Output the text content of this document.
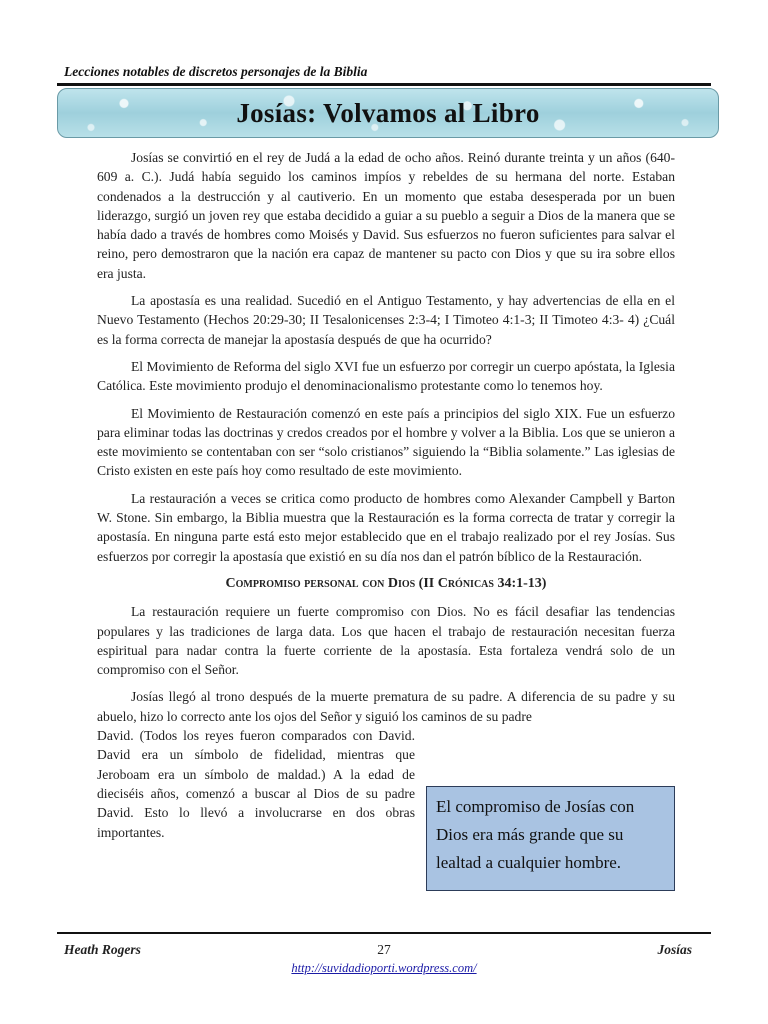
Lecciones notables de discretos personajes de la Biblia
Josías: Volvamos al Libro

Josías se convirtió en el rey de Judá a la edad de ocho años. Reinó durante treinta y un años (640-609 a. C.). Judá había seguido los caminos impíos y rebeldes de su hermana del norte. Estaban condenados a la destrucción y al cautiverio. En un momento que estaba desesperada por un buen liderazgo, surgió un joven rey que estaba decidido a guiar a su pueblo a seguir a Dios de la manera que se había dado a través de hombres como Moisés y David. Sus esfuerzos no fueron suficientes para salvar el reino, pero demostraron que la nación era capaz de mantener su pacto con Dios y que su ira sobre ellos era justa.

La apostasía es una realidad. Sucedió en el Antiguo Testamento, y hay advertencias de ella en el Nuevo Testamento (Hechos 20:29-30; II Tesalonicenses 2:3-4; I Timoteo 4:1-3; II Timoteo 4:3- 4) ¿Cuál es la forma correcta de manejar la apostasía después de que ha ocurrido?

El Movimiento de Reforma del siglo XVI fue un esfuerzo por corregir un cuerpo apóstata, la Iglesia Católica. Este movimiento produjo el denominacionalismo protestante como lo tenemos hoy.

El Movimiento de Restauración comenzó en este país a principios del siglo XIX. Fue un esfuerzo para eliminar todas las doctrinas y credos creados por el hombre y volver a la Biblia. Los que se unieron a este movimiento se contentaban con ser “solo cristianos” siguiendo la “Biblia solamente.” Las iglesias de Cristo existen en este país hoy como resultado de este movimiento.

La restauración a veces se critica como producto de hombres como Alexander Campbell y Barton W. Stone. Sin embargo, la Biblia muestra que la Restauración es la forma correcta de tratar y corregir la apostasía. En ninguna parte está esto mejor establecido que en el trabajo realizado por el rey Josías. Sus esfuerzos por corregir la apostasía que existió en su día nos dan el patrón bíblico de la Restauración.

Compromiso personal con Dios (II Crónicas 34:1-13)

La restauración requiere un fuerte compromiso con Dios. No es fácil desafiar las tendencias populares y las tradiciones de larga data. Los que hacen el trabajo de restauración necesitan fuerza espiritual para nadar contra la fuerte corriente de la apostasía. Esta fortaleza vendrá solo de un compromiso con el Señor.

Josías llegó al trono después de la muerte prematura de su padre. A diferencia de su padre y su abuelo, hizo lo correcto ante los ojos del Señor y siguió los caminos de su padre

David. (Todos los reyes fueron comparados con David. David era un símbolo de fidelidad, mientras que Jeroboam era un símbolo de maldad.) A la edad de dieciséis años, comenzó a buscar al Dios de su padre David. Esto lo llevó a involucrarse en dos obras importantes.

El compromiso de Josías con Dios era más grande que su lealtad a cualquier hombre.
Heath Rogers	27	Josías
http://suvidadioporti.wordpress.com/
